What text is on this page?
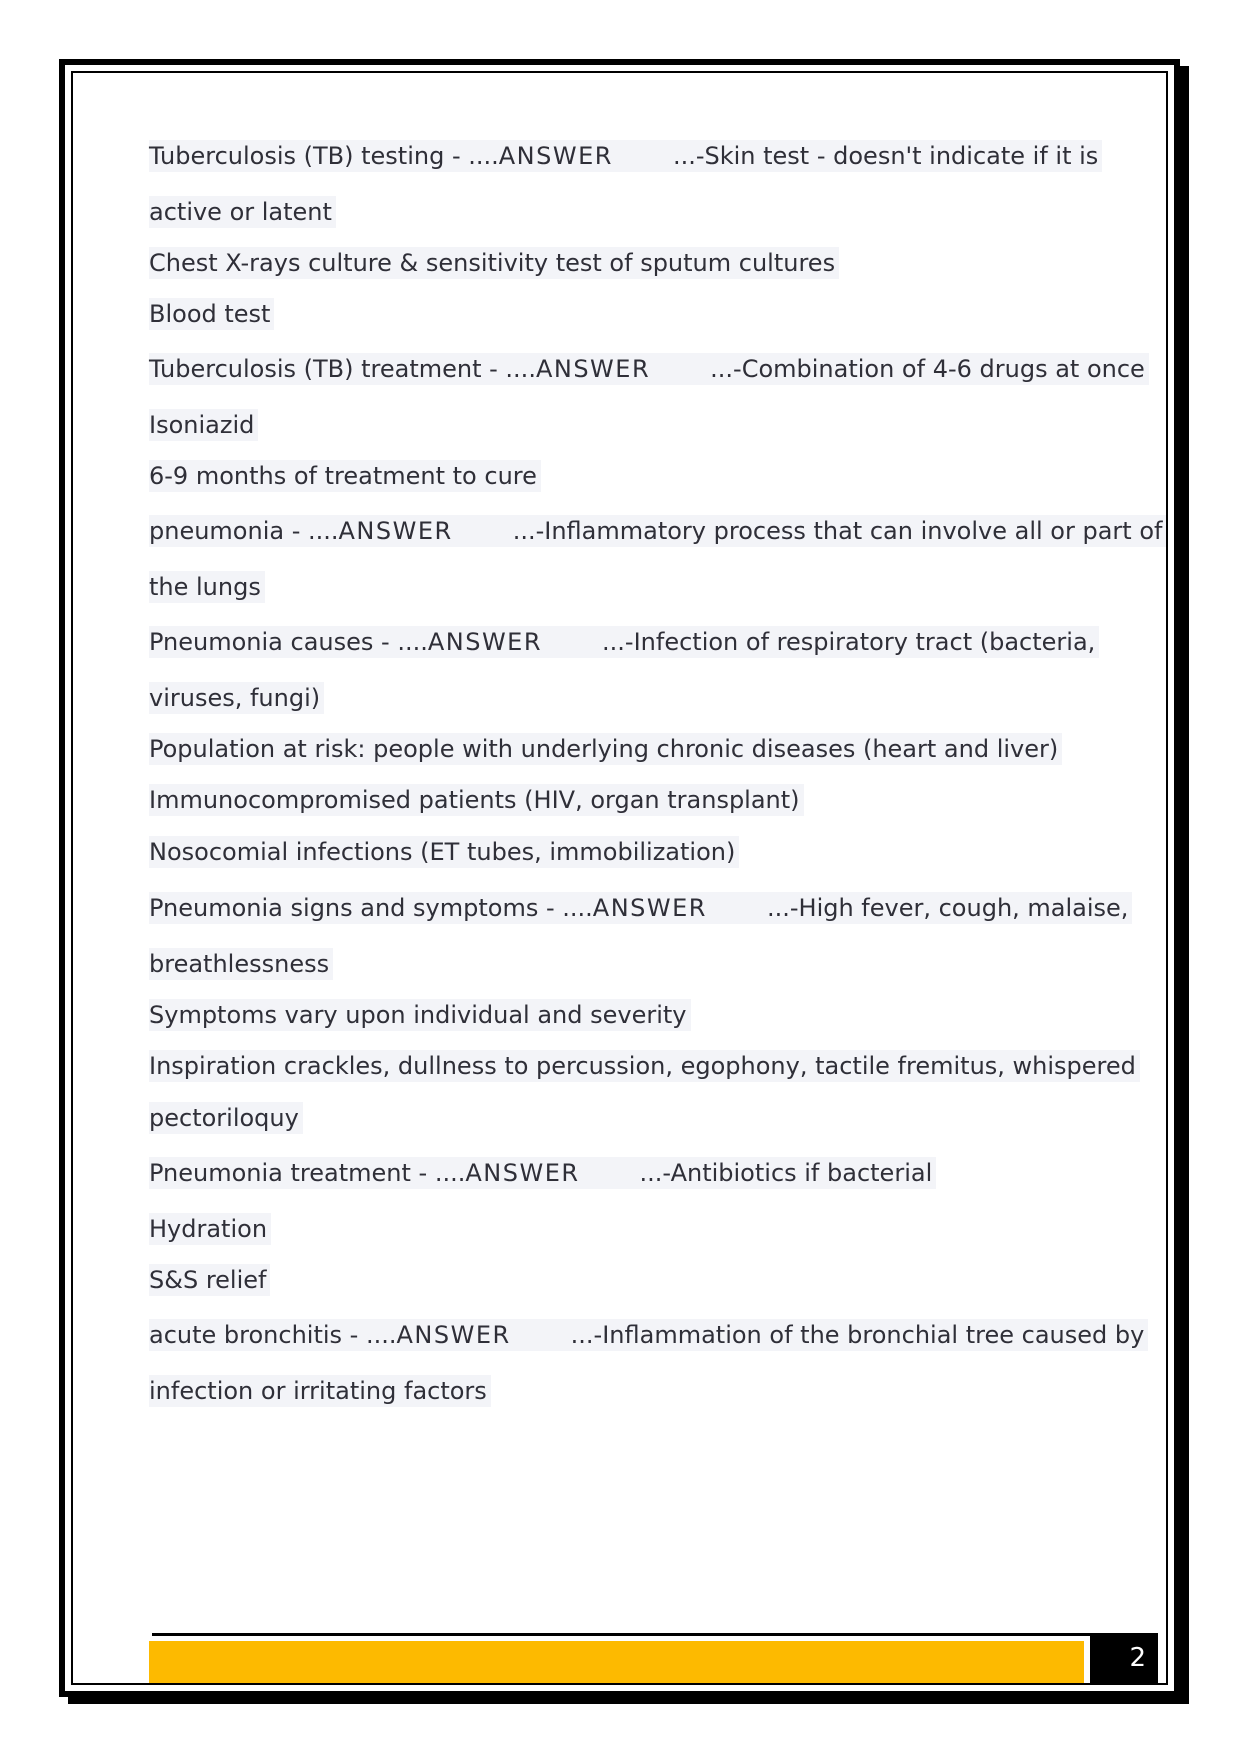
Tuberculosis (TB) testing - ....ANSWER	...-Skin test - doesn't indicate if it is
active or latent
Chest X-rays culture & sensitivity test of sputum cultures
Blood test
Tuberculosis (TB) treatment - ....ANSWER	...-Combination of 4-6 drugs at once
Isoniazid
6-9 months of treatment to cure
pneumonia - ....ANSWER	...-Inflammatory process that can involve all or part of
the lungs
Pneumonia causes - ....ANSWER	...-Infection of respiratory tract (bacteria,
viruses, fungi)
Population at risk: people with underlying chronic diseases (heart and liver)
Immunocompromised patients (HIV, organ transplant)
Nosocomial infections (ET tubes, immobilization)
Pneumonia signs and symptoms - ....ANSWER	...-High fever, cough, malaise,
breathlessness
Symptoms vary upon individual and severity
Inspiration crackles, dullness to percussion, egophony, tactile fremitus, whispered
pectoriloquy
Pneumonia treatment - ....ANSWER	...-Antibiotics if bacterial
Hydration
S&S relief
acute bronchitis - ....ANSWER	...-Inflammation of the bronchial tree caused by
infection or irritating factors
2
